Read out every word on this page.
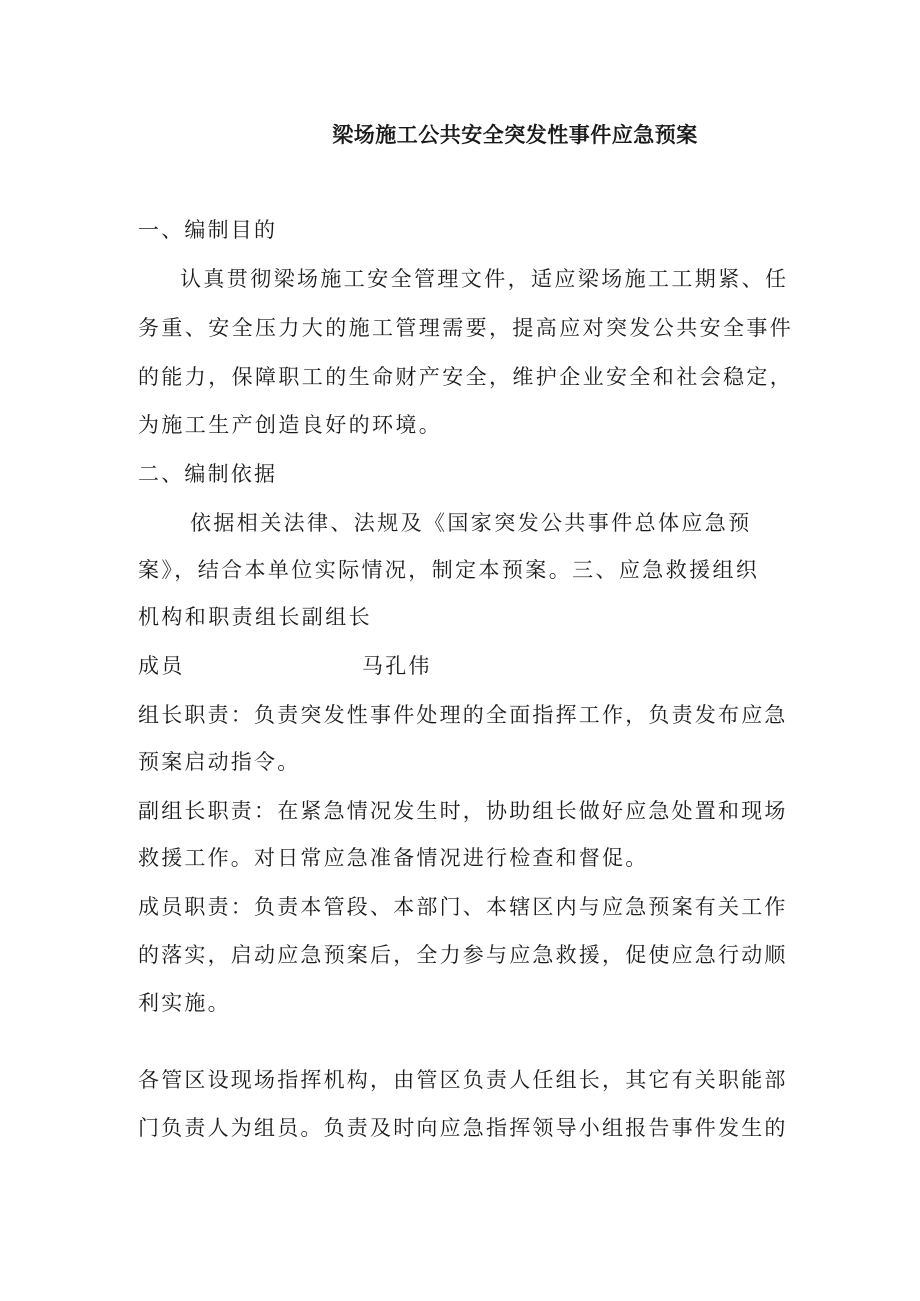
梁场施工公共安全突发性事件应急预案
一、编制目的
认真贯彻梁场施工安全管理文件，适应梁场施工工期紧、任
务重、安全压力大的施工管理需要，提高应对突发公共安全事件
的能力，保障职工的生命财产安全，维护企业安全和社会稳定，
为施工生产创造良好的环境。
二、编制依据
依据相关法律、法规及《国家突发公共事件总体应急预
案》，结合本单位实际情况，制定本预案。三、应急救援组织
机构和职责组长副组长
成员	马孔伟
组长职责：负责突发性事件处理的全面指挥工作，负责发布应急
预案启动指令。
副组长职责：在紧急情况发生时，协助组长做好应急处置和现场
救援工作。对日常应急准备情况进行检查和督促。
成员职责：负责本管段、本部门、本辖区内与应急预案有关工作
的落实，启动应急预案后，全力参与应急救援，促使应急行动顺
利实施。
各管区设现场指挥机构，由管区负责人任组长，其它有关职能部
门负责人为组员。负责及时向应急指挥领导小组报告事件发生的
